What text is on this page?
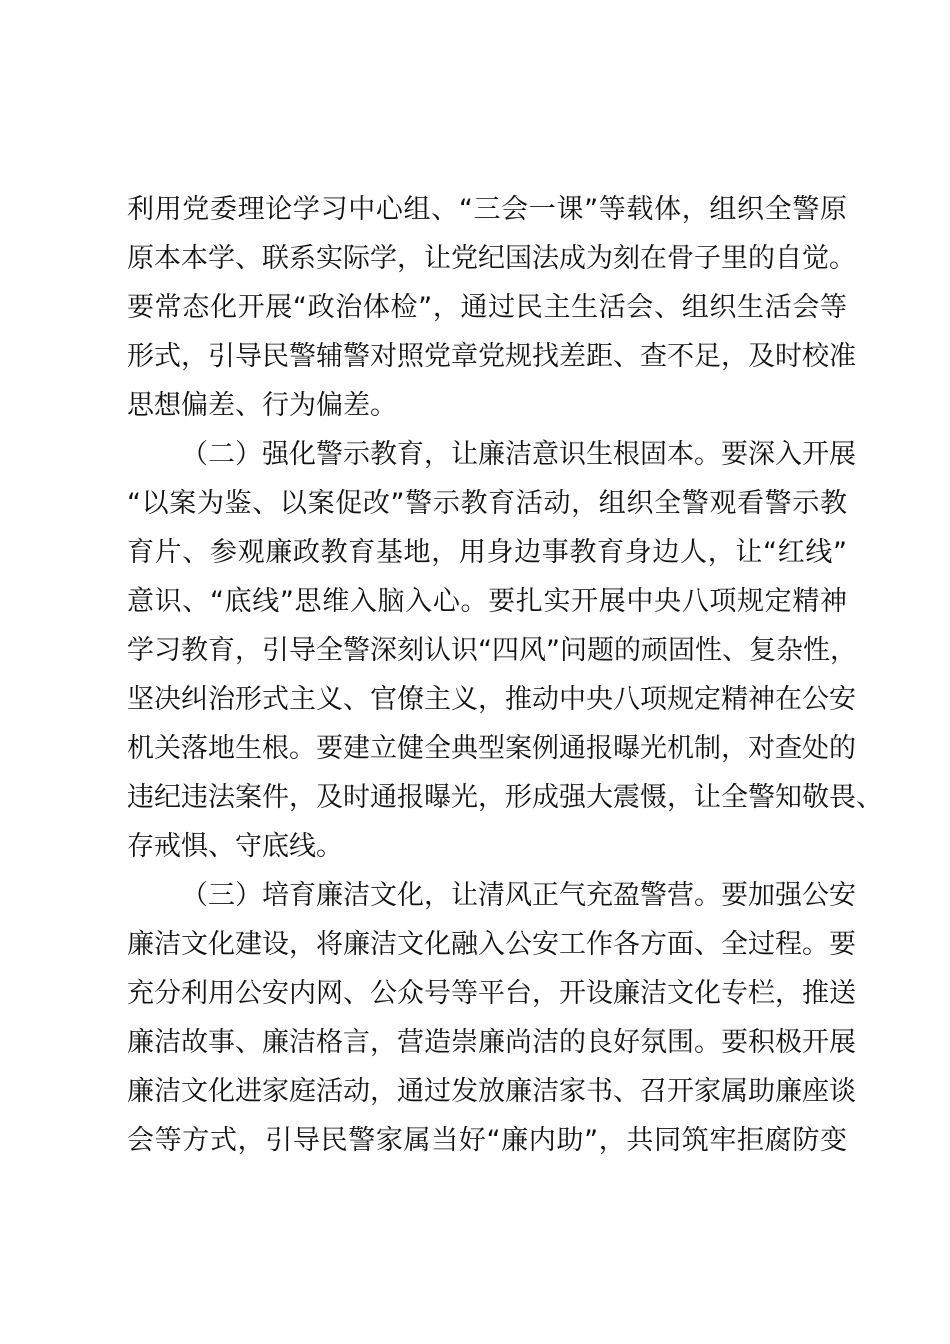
利用党委理论学习中心组、“三会一课”等载体，组织全警原
原本本学、联系实际学，让党纪国法成为刻在骨子里的自觉。
要常态化开展“政治体检”，通过民主生活会、组织生活会等
形式，引导民警辅警对照党章党规找差距、查不足，及时校准
思想偏差、行为偏差。
（二）强化警示教育，让廉洁意识生根固本。要深入开展
“以案为鉴、以案促改”警示教育活动，组织全警观看警示教
育片、参观廉政教育基地，用身边事教育身边人，让“红线”
意识、“底线”思维入脑入心。要扎实开展中央八项规定精神
学习教育，引导全警深刻认识“四风”问题的顽固性、复杂性，
坚决纠治形式主义、官僚主义，推动中央八项规定精神在公安
机关落地生根。要建立健全典型案例通报曝光机制，对查处的
违纪违法案件，及时通报曝光，形成强大震慑，让全警知敬畏、
存戒惧、守底线。
（三）培育廉洁文化，让清风正气充盈警营。要加强公安
廉洁文化建设，将廉洁文化融入公安工作各方面、全过程。要
充分利用公安内网、公众号等平台，开设廉洁文化专栏，推送
廉洁故事、廉洁格言，营造崇廉尚洁的良好氛围。要积极开展
廉洁文化进家庭活动，通过发放廉洁家书、召开家属助廉座谈
会等方式，引导民警家属当好“廉内助”，共同筑牢拒腐防变
